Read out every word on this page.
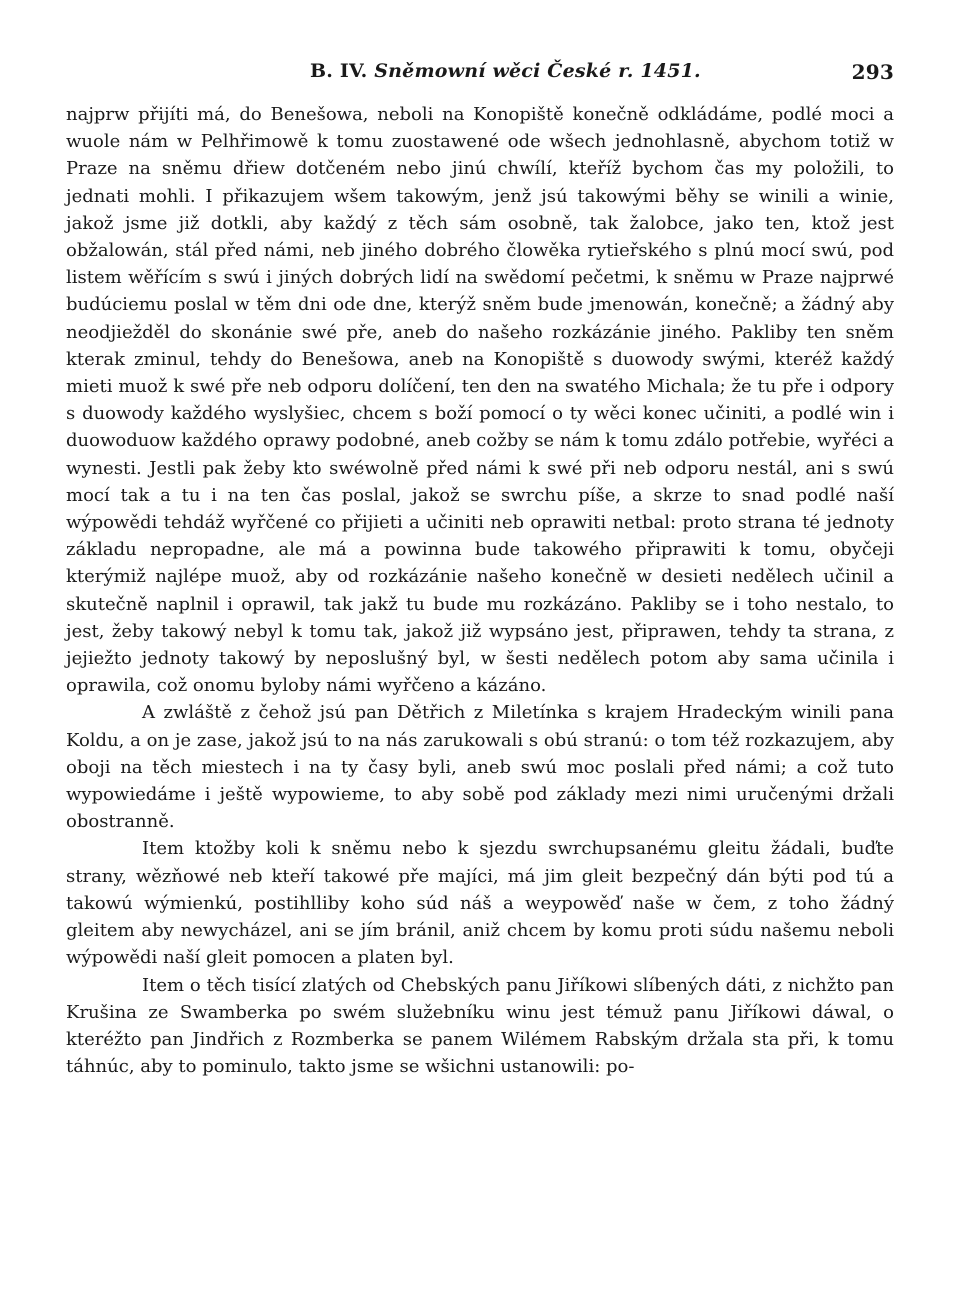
B. IV. Sněmowní wěci České r. 1451.	293

najprw přijíti má, do Benešowa, neboli na Konopiště konečně odkládáme, podlé moci a wuole nám w Pelhřimowě k tomu zuostawené ode wšech jednohlasně, abychom totiž w Praze na sněmu dřiew dotčeném nebo jinú chwílí, kteříž bychom čas my položili, to jednati mohli. I přikazujem wšem takowým, jenž jsú takowými běhy se winili a winie, jakož jsme již dotkli, aby každý z těch sám osobně, tak žalobce, jako ten, ktož jest obžalowán, stál před námi, neb jiného dobrého člowěka rytieřského s plnú mocí swú, pod listem wěřícím s swú i jiných dobrých lidí na swědomí pečetmi, k sněmu w Praze najprwé budúciemu poslal w těm dni ode dne, kterýž sněm bude jmenowán, konečně; a žádný aby neodjiežděl do skonánie swé pře, aneb do našeho rozkázánie jiného. Pakliby ten sněm kterak zminul, tehdy do Benešowa, aneb na Konopiště s duowody swými, kteréž každý mieti muož k swé pře neb odporu dolíčení, ten den na swatého Michala; že tu pře i odpory s duowody každého wyslyšiec, chcem s boží pomocí o ty wěci konec učiniti, a podlé win i duowoduow každého oprawy podobné, aneb cožby se nám k tomu zdálo potřebie, wyřéci a wynesti. Jestli pak žeby kto swéwolně před námi k swé při neb odporu nestál, ani s swú mocí tak a tu i na ten čas poslal, jakož se swrchu píše, a skrze to snad podlé naší wýpowědi tehdáž wyřčené co přijieti a učiniti neb oprawiti netbal: proto strana té jednoty základu nepropadne, ale má a powinna bude takowého připrawiti k tomu, obyčeji kterýmiž najlépe muož, aby od rozkázánie našeho konečně w desieti nedělech učinil a skutečně naplnil i oprawil, tak jakž tu bude mu rozkázáno. Pakliby se i toho nestalo, to jest, žeby takowý nebyl k tomu tak, jakož již wypsáno jest, připrawen, tehdy ta strana, z jejiežto jednoty takowý by neposlušný byl, w šesti nedělech potom aby sama učinila i oprawila, což onomu byloby námi wyřčeno a kázáno.

A zwláště z čehož jsú pan Dětřich z Miletínka s krajem Hradeckým winili pana Koldu, a on je zase, jakož jsú to na nás zarukowali s obú stranú: o tom též rozkazujem, aby oboji na těch miestech i na ty časy byli, aneb swú moc poslali před námi; a což tuto wypowiedáme i ještě wypowieme, to aby sobě pod základy mezi nimi uručenými držali obostranně.

Item ktožby koli k sněmu nebo k sjezdu swrchupsanému gleitu žádali, buďte strany, wězňowé neb kteří takowé pře majíci, má jim gleit bezpečný dán býti pod tú a takowú wýmienkú, postihlliby koho súd náš a weypowěď naše w čem, z toho žádný gleitem aby newycházel, ani se jím bránil, aniž chcem by komu proti súdu našemu neboli wýpowědi naší gleit pomocen a platen byl.

Item o těch tisící zlatých od Chebských panu Jiříkowi slíbených dáti, z nichžto pan Krušina ze Swamberka po swém služebníku winu jest témuž panu Jiříkowi dáwal, o kteréžto pan Jindřich z Rozmberka se panem Wilémem Rabským držala sta při, k tomu táhnúc, aby to pominulo, takto jsme se wšichni ustanowili: po-
